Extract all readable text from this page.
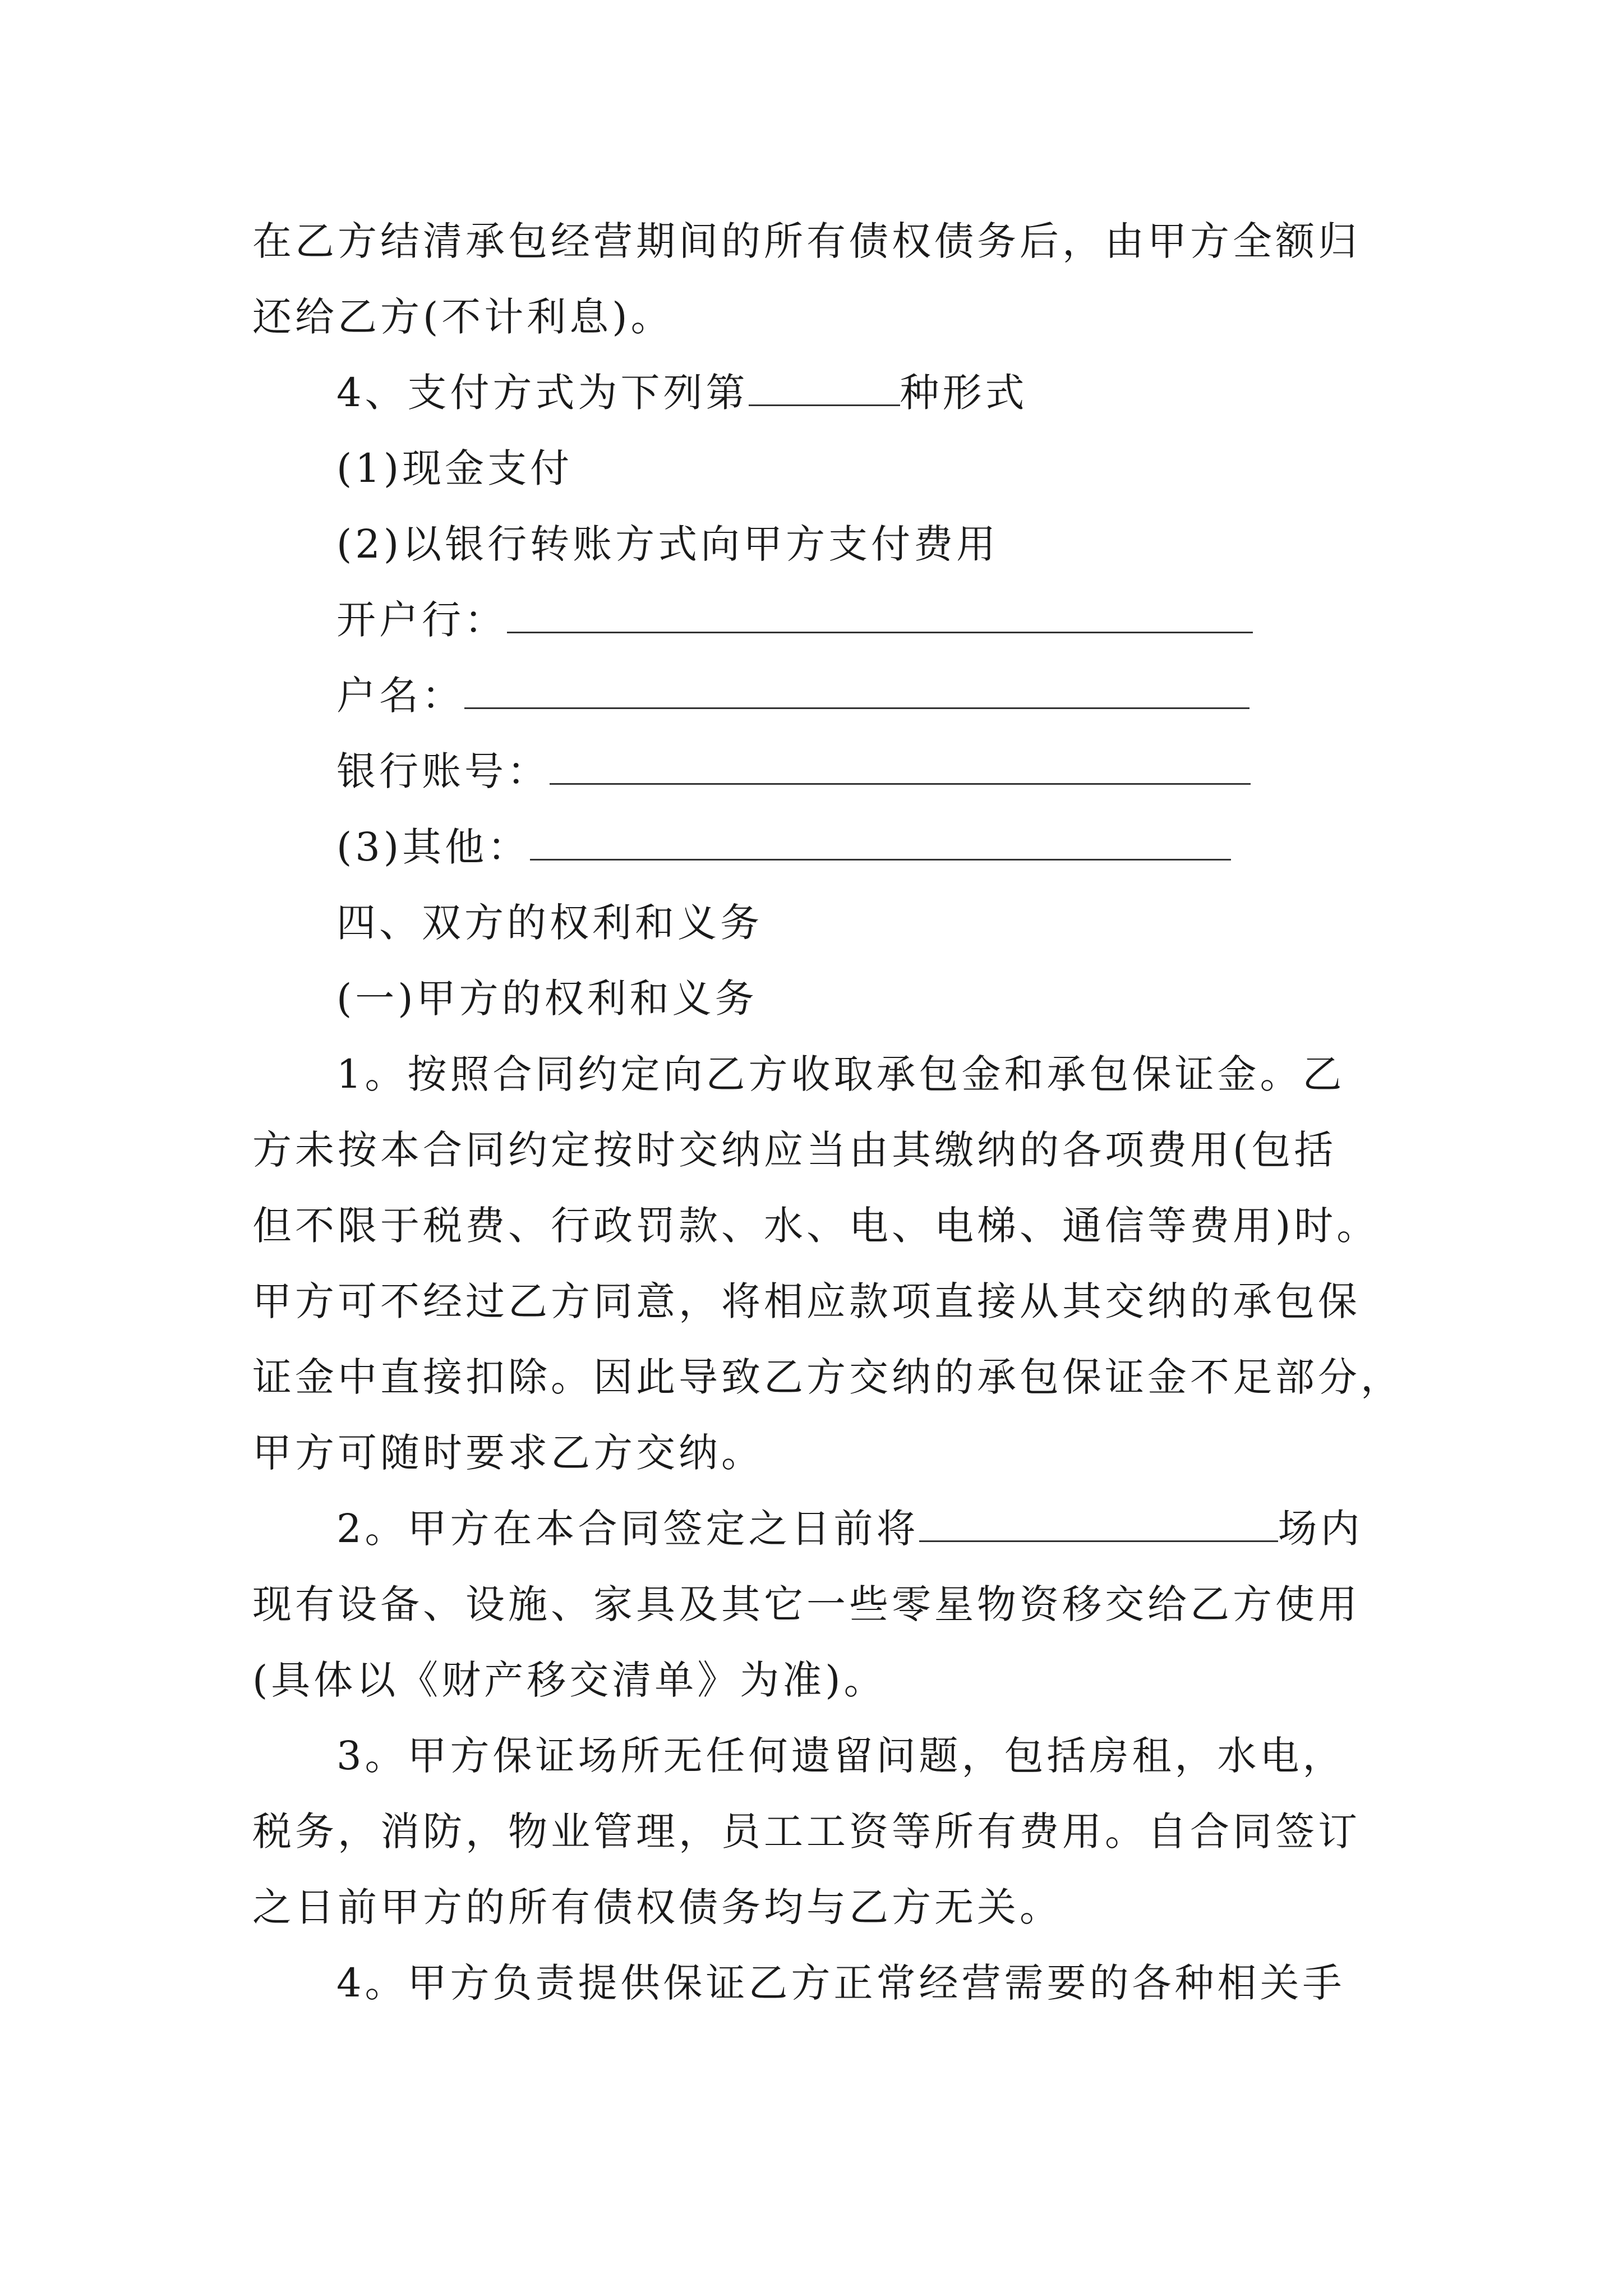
在乙方结清承包经营期间的所有债权债务后，由甲方全额归
还给乙方(不计利息)。
4、支付方式为下列第	种形式
(1)现金支付
(2)以银行转账方式向甲方支付费用
开户行：
户名：
银行账号：
(3)其他：
四、双方的权利和义务
(一)甲方的权利和义务
1。按照合同约定向乙方收取承包金和承包保证金。乙
方未按本合同约定按时交纳应当由其缴纳的各项费用(包括
但不限于税费、行政罚款、水、电、电梯、通信等费用)时。
甲方可不经过乙方同意，将相应款项直接从其交纳的承包保
证金中直接扣除。因此导致乙方交纳的承包保证金不足部分，
甲方可随时要求乙方交纳。
2。甲方在本合同签定之日前将	场内
现有设备、设施、家具及其它一些零星物资移交给乙方使用
(具体以《财产移交清单》为准)。
3。甲方保证场所无任何遗留问题，包括房租，水电，
税务，消防，物业管理，员工工资等所有费用。自合同签订
之日前甲方的所有债权债务均与乙方无关。
4。甲方负责提供保证乙方正常经营需要的各种相关手
